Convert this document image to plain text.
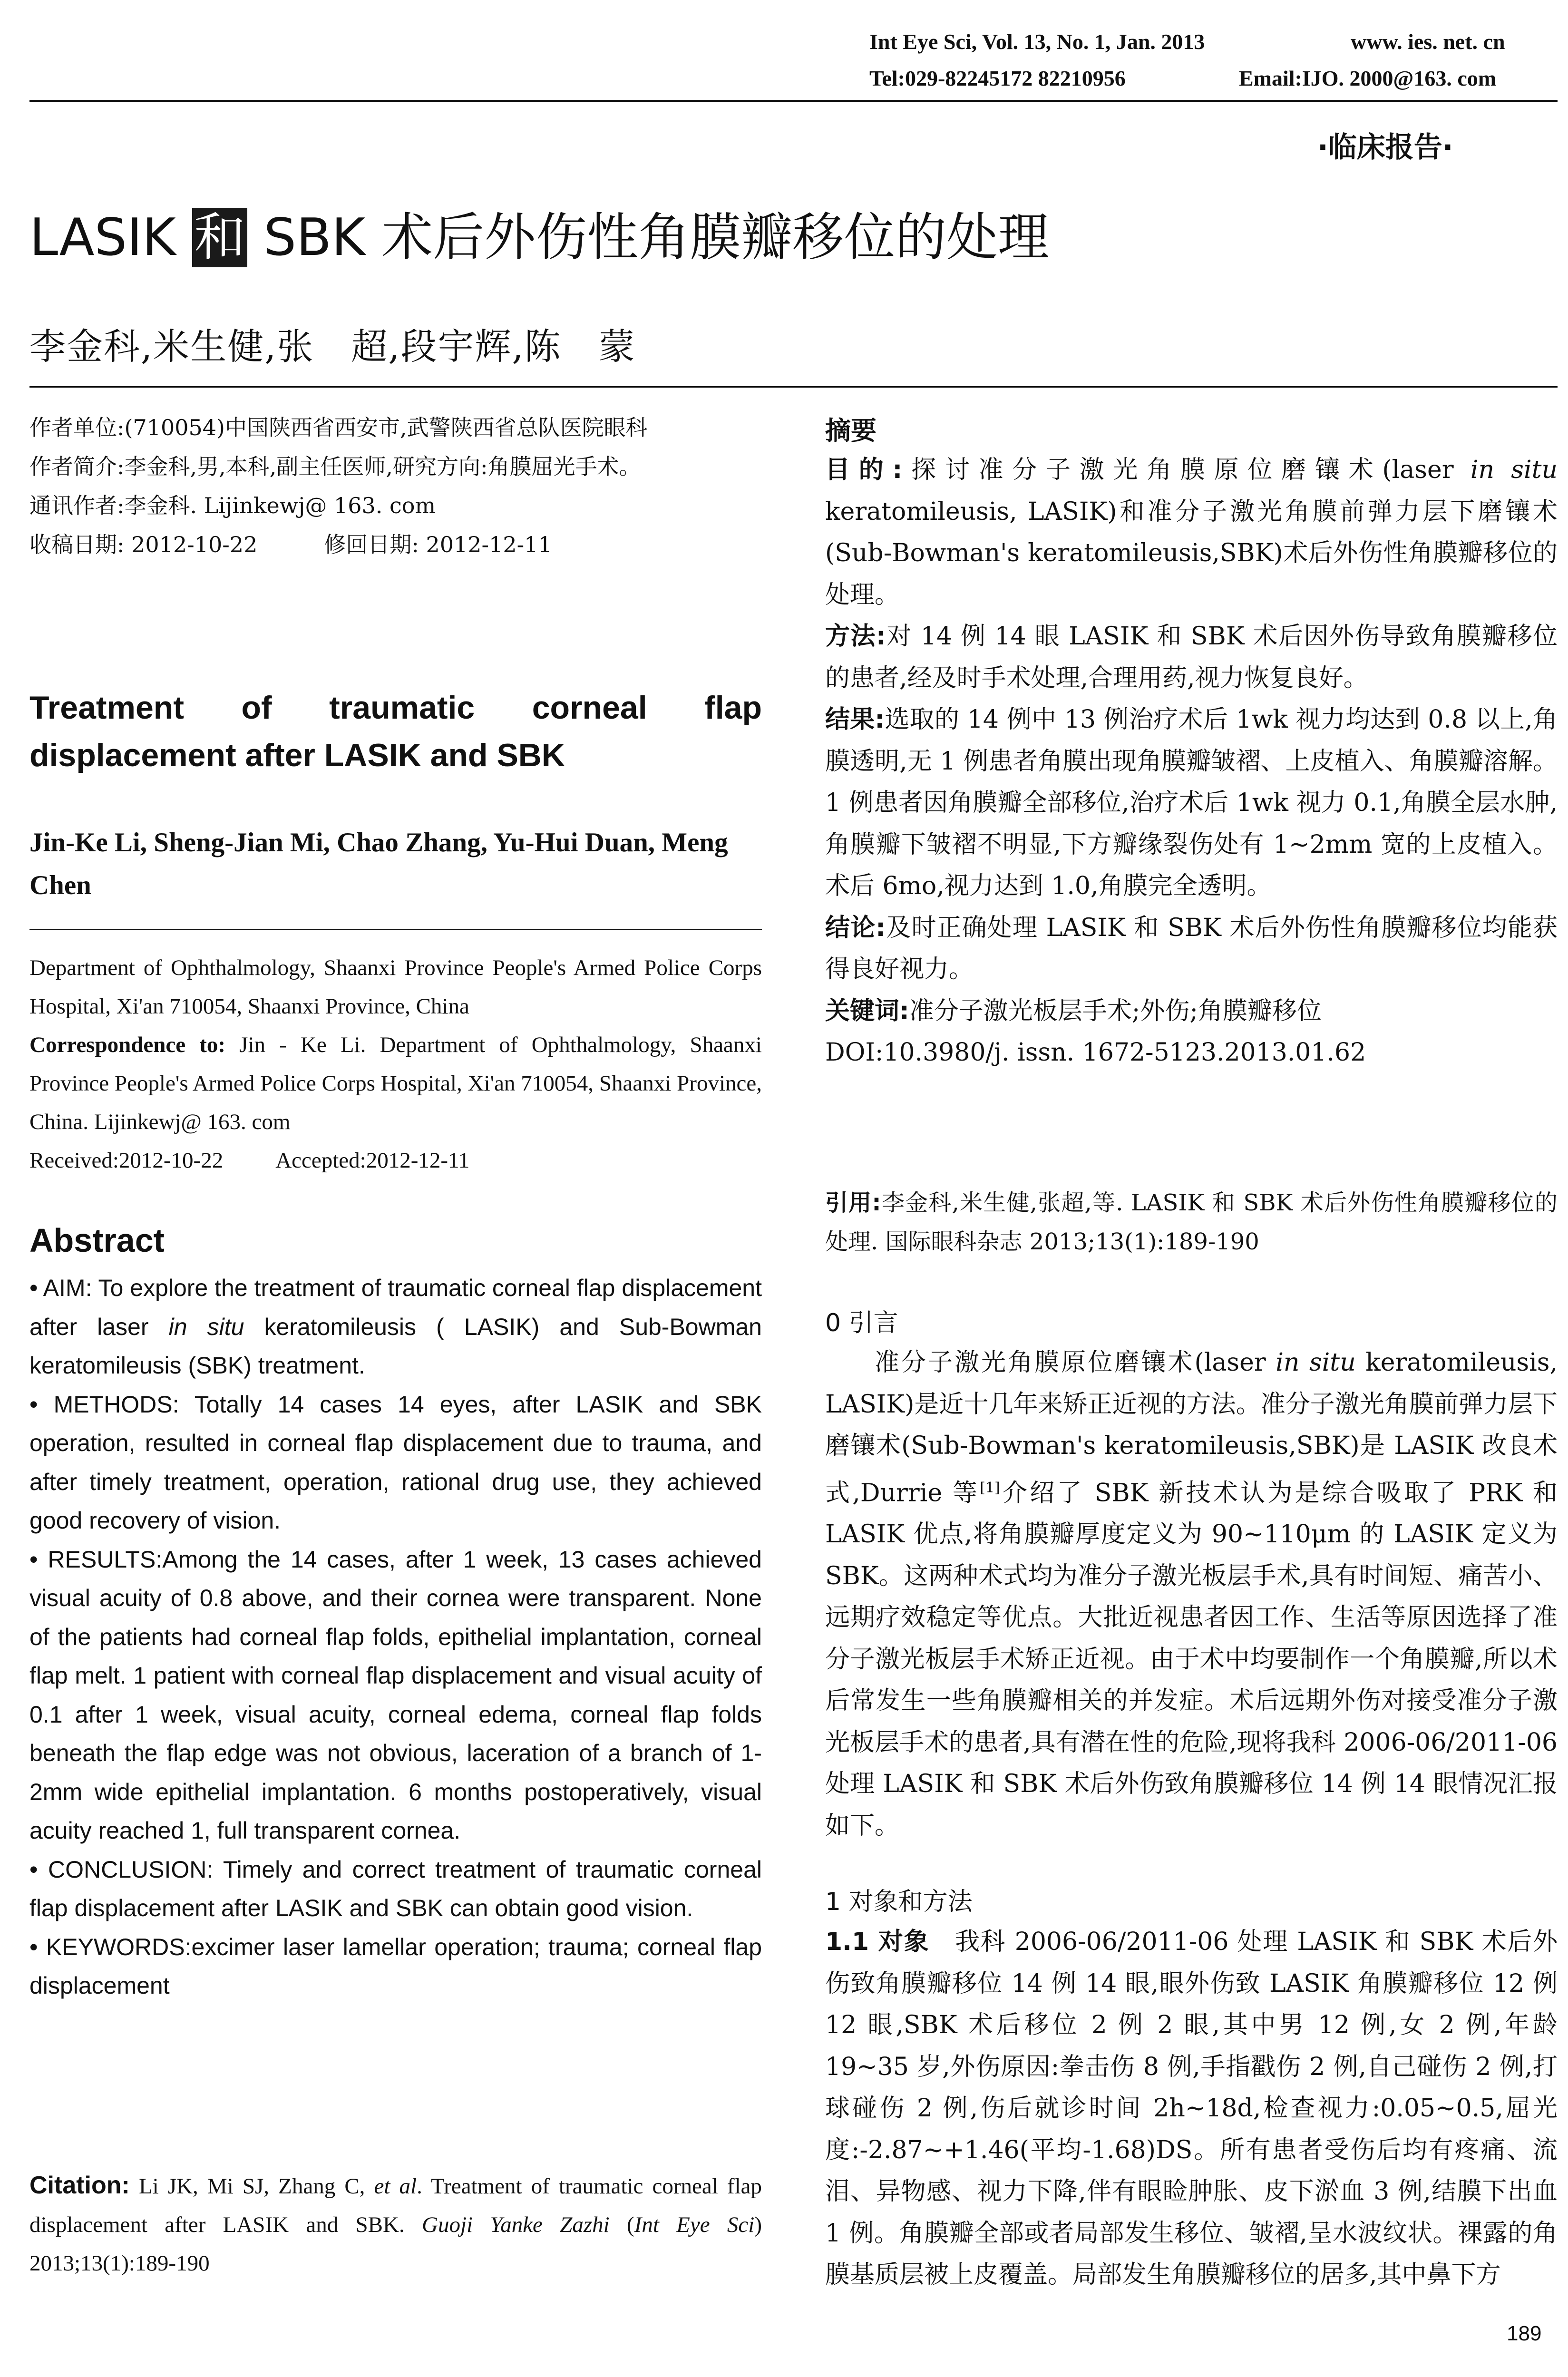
Int Eye Sci, Vol. 13, No. 1, Jan. 2013	www. ies. net. cn
Tel:029-82245172 82210956	Email:IJO. 2000@163. com
·临床报告·
LASIK 和 SBK 术后外伤性角膜瓣移位的处理
李金科,米生健,张　超,段宇辉,陈　蒙

作者单位:(710054)中国陕西省西安市,武警陕西省总队医院眼科

作者简介:李金科,男,本科,副主任医师,研究方向:角膜屈光手术。

通讯作者:李金科. Lijinkewj@ 163. com

收稿日期: 2012-10-22	修回日期: 2012-12-11

Treatment of traumatic corneal flap displacement after LASIK and SBK
Jin-Ke Li, Sheng-Jian Mi, Chao Zhang, Yu-Hui Duan, Meng Chen

Department of Ophthalmology, Shaanxi Province People's Armed Police Corps Hospital, Xi'an 710054, Shaanxi Province, China

Correspondence to: Jin - Ke Li. Department of Ophthalmology, Shaanxi Province People's Armed Police Corps Hospital, Xi'an 710054, Shaanxi Province, China. Lijinkewj@ 163. com

Received:2012-10-22 Accepted:2012-12-11

Abstract

• AIM: To explore the treatment of traumatic corneal flap displacement after laser in situ keratomileusis ( LASIK) and Sub-Bowman keratomileusis (SBK) treatment.

• METHODS: Totally 14 cases 14 eyes, after LASIK and SBK operation, resulted in corneal flap displacement due to trauma, and after timely treatment, operation, rational drug use, they achieved good recovery of vision.

• RESULTS:Among the 14 cases, after 1 week, 13 cases achieved visual acuity of 0.8 above, and their cornea were transparent. None of the patients had corneal flap folds, epithelial implantation, corneal flap melt. 1 patient with corneal flap displacement and visual acuity of 0.1 after 1 week, visual acuity, corneal edema, corneal flap folds beneath the flap edge was not obvious, laceration of a branch of 1-2mm wide epithelial implantation. 6 months postoperatively, visual acuity reached 1, full transparent cornea.

• CONCLUSION: Timely and correct treatment of traumatic corneal flap displacement after LASIK and SBK can obtain good vision.

• KEYWORDS:excimer laser lamellar operation; trauma; corneal flap displacement

Citation: Li JK, Mi SJ, Zhang C, et al. Treatment of traumatic corneal flap displacement after LASIK and SBK. Guoji Yanke Zazhi (Int Eye Sci) 2013;13(1):189-190
摘要

目的:探讨准分子激光角膜原位磨镶术(laser in situ keratomileusis, LASIK)和准分子激光角膜前弹力层下磨镶术(Sub-Bowman's keratomileusis,SBK)术后外伤性角膜瓣移位的处理。

方法:对 14 例 14 眼 LASIK 和 SBK 术后因外伤导致角膜瓣移位的患者,经及时手术处理,合理用药,视力恢复良好。

结果:选取的 14 例中 13 例治疗术后 1wk 视力均达到 0.8 以上,角膜透明,无 1 例患者角膜出现角膜瓣皱褶、上皮植入、角膜瓣溶解。1 例患者因角膜瓣全部移位,治疗术后 1wk 视力 0.1,角膜全层水肿,角膜瓣下皱褶不明显,下方瓣缘裂伤处有 1~2mm 宽的上皮植入。术后 6mo,视力达到 1.0,角膜完全透明。

结论:及时正确处理 LASIK 和 SBK 术后外伤性角膜瓣移位均能获得良好视力。

关键词:准分子激光板层手术;外伤;角膜瓣移位

DOI:10.3980/j. issn. 1672-5123.2013.01.62

引用:李金科,米生健,张超,等. LASIK 和 SBK 术后外伤性角膜瓣移位的处理. 国际眼科杂志 2013;13(1):189-190
0 引言

准分子激光角膜原位磨镶术(laser in situ keratomileusis, LASIK)是近十几年来矫正近视的方法。准分子激光角膜前弹力层下磨镶术(Sub-Bowman's keratomileusis,SBK)是 LASIK 改良术式,Durrie 等[1]介绍了 SBK 新技术认为是综合吸取了 PRK 和 LASIK 优点,将角膜瓣厚度定义为 90~110μm 的 LASIK 定义为 SBK。这两种术式均为准分子激光板层手术,具有时间短、痛苦小、远期疗效稳定等优点。大批近视患者因工作、生活等原因选择了准分子激光板层手术矫正近视。由于术中均要制作一个角膜瓣,所以术后常发生一些角膜瓣相关的并发症。术后远期外伤对接受准分子激光板层手术的患者,具有潜在性的危险,现将我科 2006-06/2011-06 处理 LASIK 和 SBK 术后外伤致角膜瓣移位 14 例 14 眼情况汇报如下。

1 对象和方法
1.1 对象　我科 2006-06/2011-06 处理 LASIK 和 SBK 术后外伤致角膜瓣移位 14 例 14 眼,眼外伤致 LASIK 角膜瓣移位 12 例 12 眼,SBK 术后移位 2 例 2 眼,其中男 12 例,女 2 例,年龄 19~35 岁,外伤原因:拳击伤 8 例,手指戳伤 2 例,自己碰伤 2 例,打球碰伤 2 例,伤后就诊时间 2h~18d,检查视力:0.05~0.5,屈光度:-2.87~+1.46(平均-1.68)DS。所有患者受伤后均有疼痛、流泪、异物感、视力下降,伴有眼睑肿胀、皮下淤血 3 例,结膜下出血 1 例。角膜瓣全部或者局部发生移位、皱褶,呈水波纹状。裸露的角膜基质层被上皮覆盖。局部发生角膜瓣移位的居多,其中鼻下方
189
